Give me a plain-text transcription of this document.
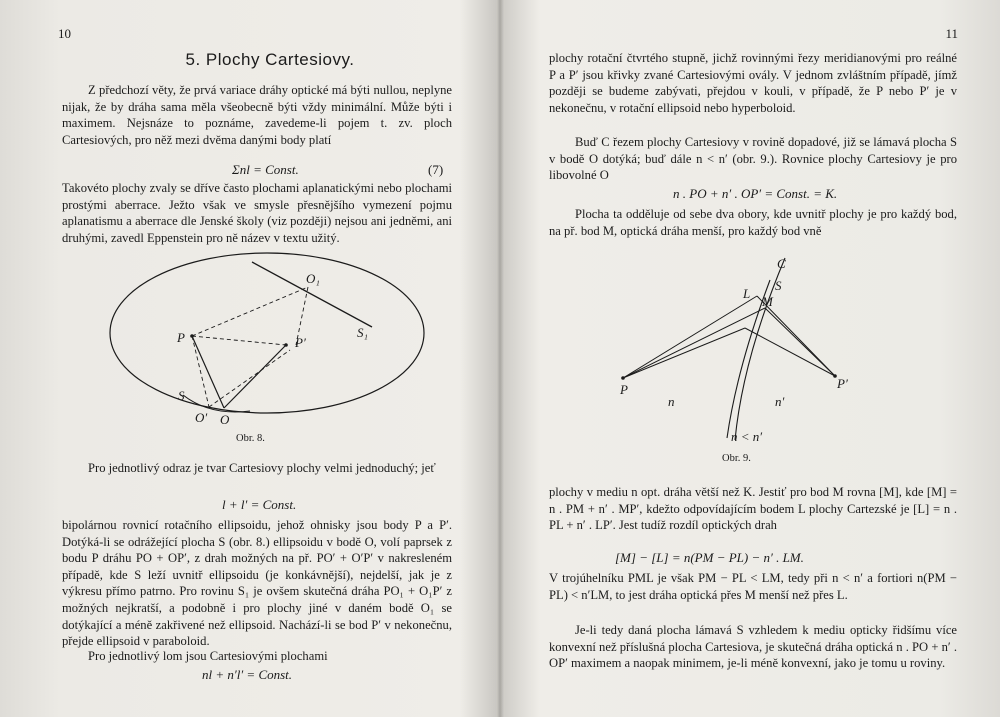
10
5. Plochy Cartesiovy.

Z předchozí věty, že prvá variace dráhy optické má býti nullou, neplyne nijak, že by dráha sama měla všeobecně býti vždy minimální. Může býti i maximem. Nejsnáze to poznáme, zavedeme-li pojem t. zv. ploch Cartesiových, pro něž mezi dvěma danými body platí

Σnl = Const.	(7)

Takovéto plochy zvaly se dříve často plochami aplanatickými nebo plochami prostými aberrace. Ježto však ve smysle přesnějšího vymezení pojmu aplanatismu a aberrace dle Jenské školy (viz později) nejsou ani jedněmi, ani druhými, zavedl Eppenstein pro ně název v textu užitý.

O₁
S₁
P	P′
S
O′ O
Obr. 8.

Pro jednotlivý odraz je tvar Cartesiovy plochy velmi jednoduchý; jeť

l + l′ = Const.

bipolárnou rovnicí rotačního ellipsoidu, jehož ohnisky jsou body P a P′. Dotýká-li se odrážející plocha S (obr. 8.) ellipsoidu v bodě O, volí paprsek z bodu P dráhu PO + OP′, z drah možných na př. PO′ + O′P′ v nakresleném případě, kde S leží uvnitř ellipsoidu (je konkávnější), nejdelší, jak je z výkresu přímo patrno. Pro rovinu S₁ je ovšem skutečná dráha PO₁ + O₁P′ z možných nejkratší, a podobně i pro plochy jiné v daném bodě O₁ se dotýkající a méně zakřivené než ellipsoid. Nachází-li se bod P′ v nekonečnu, přejde ellipsoid v paraboloid.

Pro jednotlivý lom jsou Cartesiovými plochami

nl + n′l′ = Const.
11

plochy rotační čtvrtého stupně, jichž rovinnými řezy meridianovými pro reálné P a P′ jsou křivky zvané Cartesiovými ovály. V jednom zvláštním případě, jímž později se budeme zabývati, přejdou v kouli, v případě, že P nebo P′ je v nekonečnu, v rotační ellipsoid nebo hyperboloid.

Buď C řezem plochy Cartesiovy v rovině dopadové, již se lámavá plocha S v bodě O dotýká; buď dále n < n′ (obr. 9.). Rovnice plochy Cartesiovy je pro libovolné O

n . PO + n′ . OP′ = Const. = K.

Plocha ta odděluje od sebe dva obory, kde uvnitř plochy je pro každý bod, na př. bod M, optická dráha menší, pro každý bod vně

C
S
L
M
P	P′
n	n′
n < n′
Obr. 9.

plochy v mediu n opt. dráha větší než K. Jestiť pro bod M rovna [M], kde [M] = n . PM + n′ . MP′, kdežto odpovídajícím bodem L plochy Cartezské je [L] = n . PL + n′ . LP′. Jest tudíž rozdíl optických drah

[M] − [L] = n(PM − PL) − n′ . LM.

V trojúhelníku PML je však PM − PL < LM, tedy při n < n′ a fortiori n(PM − PL) < n′LM, to jest dráha optická přes M menší než přes L.

Je-li tedy daná plocha lámavá S vzhledem k mediu opticky řidšímu více konvexní než příslušná plocha Cartesiova, je skutečná dráha optická n . PO + n′ . OP′ maximem a naopak minimem, je-li méně konvexní, jako je tomu u roviny.
